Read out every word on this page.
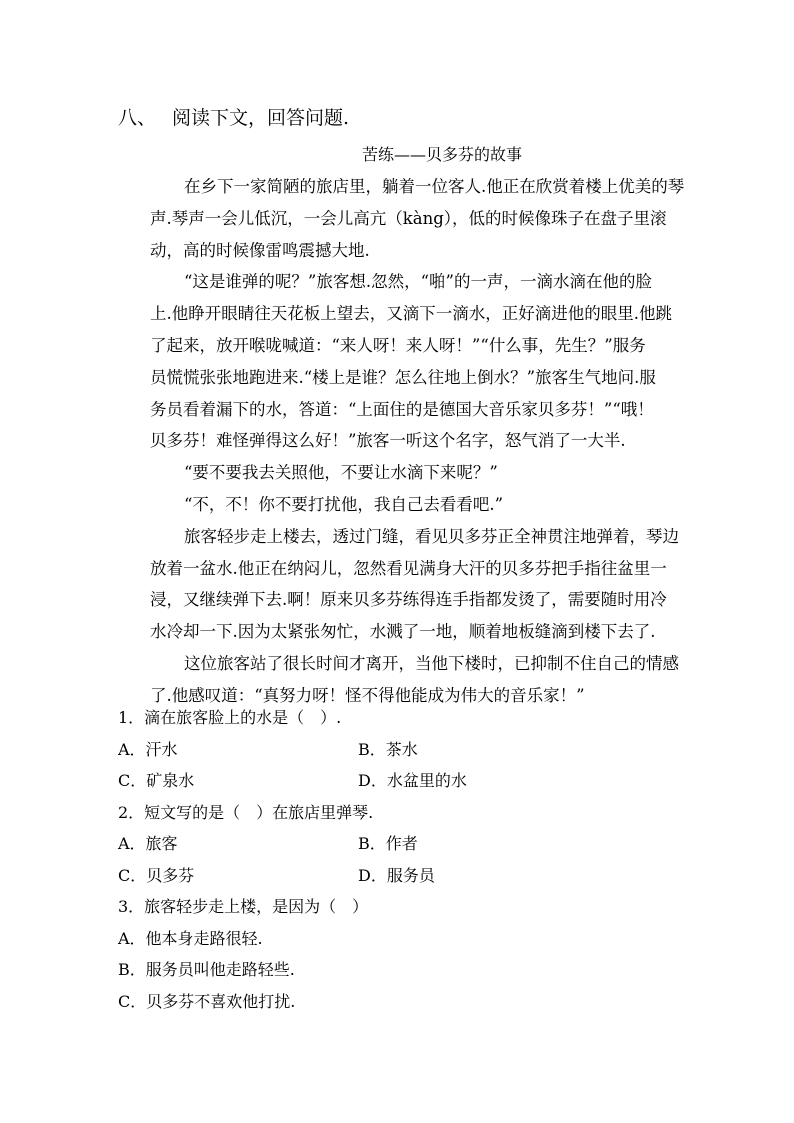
八、 阅读下文，回答问题.
苦练——贝多芬的故事
在乡下一家简陋的旅店里，躺着一位客人.他正在欣赏着楼上优美的琴
声.琴声一会儿低沉，一会儿高亢（kàng），低的时候像珠子在盘子里滚
动，高的时候像雷鸣震撼大地.
“这是谁弹的呢？”旅客想.忽然，“啪”的一声，一滴水滴在他的脸
上.他睁开眼睛往天花板上望去，又滴下一滴水，正好滴进他的眼里.他跳
了起来，放开喉咙喊道：“来人呀！来人呀！”“什么事，先生？”服务
员慌慌张张地跑进来.“楼上是谁？怎么往地上倒水？”旅客生气地问.服
务员看着漏下的水，答道：“上面住的是德国大音乐家贝多芬！”“哦！
贝多芬！难怪弹得这么好！”旅客一听这个名字，怒气消了一大半.
“要不要我去关照他，不要让水滴下来呢？”
“不，不！你不要打扰他，我自己去看看吧.”
旅客轻步走上楼去，透过门缝，看见贝多芬正全神贯注地弹着，琴边
放着一盆水.他正在纳闷儿，忽然看见满身大汗的贝多芬把手指往盆里一
浸，又继续弹下去.啊！原来贝多芬练得连手指都发烫了，需要随时用冷
水冷却一下.因为太紧张匆忙，水溅了一地，顺着地板缝滴到楼下去了.
这位旅客站了很长时间才离开，当他下楼时，已抑制不住自己的情感
了.他感叹道：“真努力呀！怪不得他能成为伟大的音乐家！”
1．滴在旅客脸上的水是（　）.
A．汗水	B．茶水
C．矿泉水	D．水盆里的水
2．短文写的是（　）在旅店里弹琴.
A．旅客	B．作者
C．贝多芬	D．服务员
3．旅客轻步走上楼，是因为（　）
A．他本身走路很轻.
B．服务员叫他走路轻些.
C．贝多芬不喜欢他打扰.
